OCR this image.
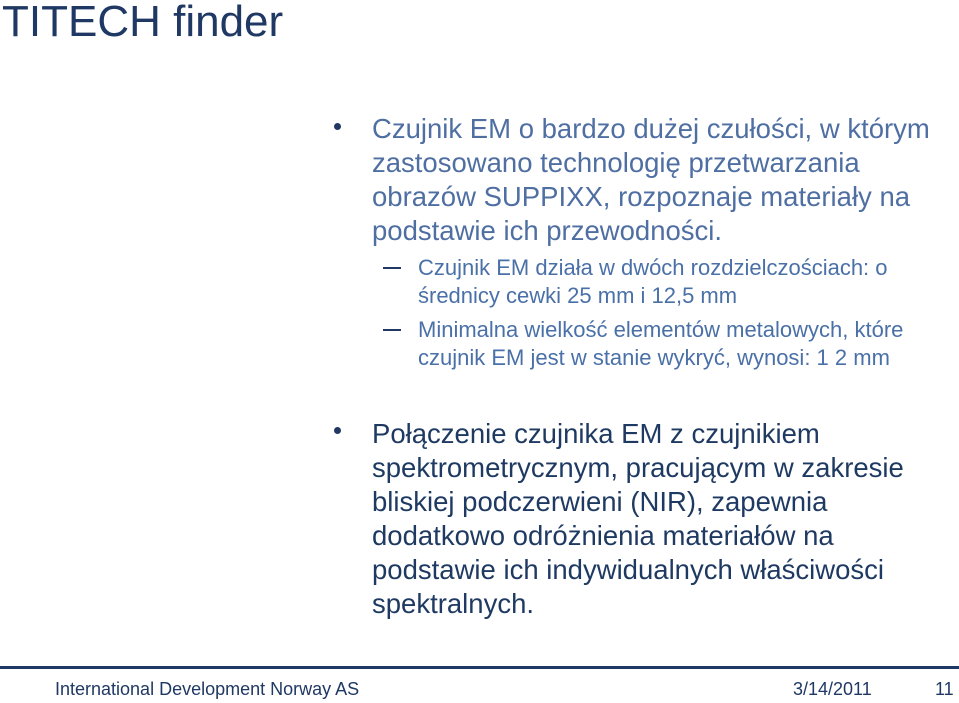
TITECH finder
Czujnik EM o bardzo dużej czułości, w którym
zastosowano technologię przetwarzania
obrazów SUPPIXX, rozpoznaje materiały na
podstawie ich przewodności.
Czujnik EM działa w dwóch rozdzielczościach: o
średnicy cewki 25 mm i 12,5 mm
Minimalna wielkość elementów metalowych, które
czujnik EM jest w stanie wykryć, wynosi: 1 2 mm
Połączenie czujnika EM z czujnikiem
spektrometrycznym, pracującym w zakresie
bliskiej podczerwieni (NIR), zapewnia
dodatkowo odróżnienia materiałów na
podstawie ich indywidualnych właściwości
spektralnych.
International Development Norway AS	3/14/2011	11
